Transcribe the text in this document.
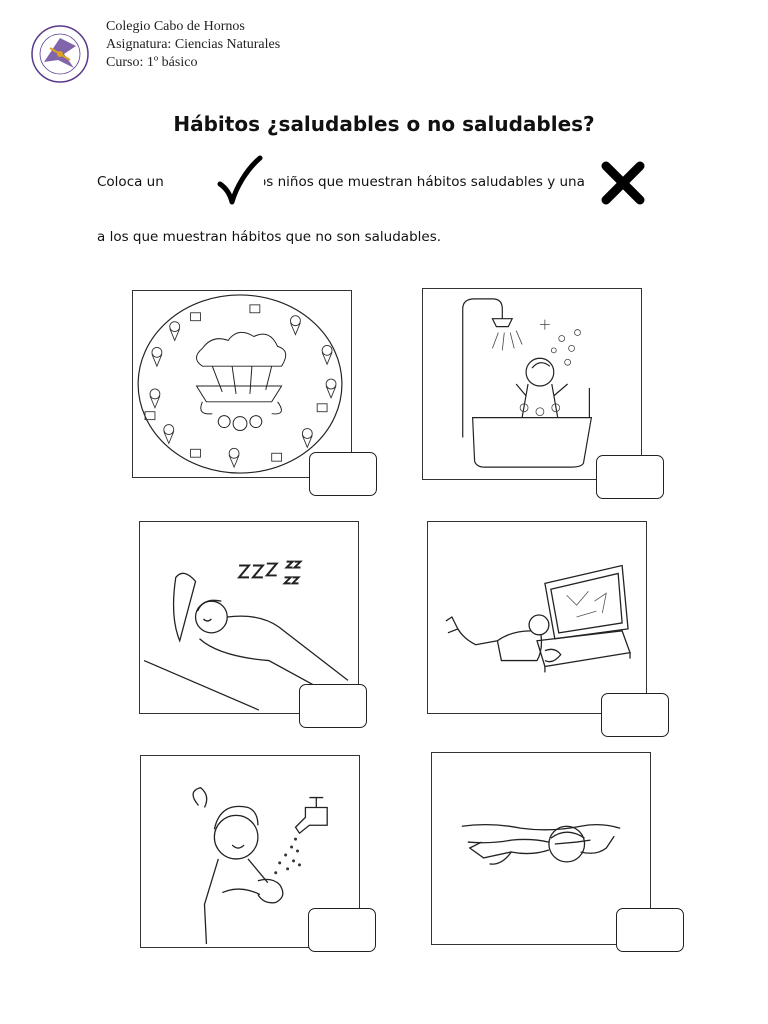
Colegio Cabo de Hornos
Asignatura: Ciencias Naturales
Curso: 1º básico
Hábitos ¿saludables o no saludables?
Coloca un	os niños que muestran hábitos saludables y una
a los que muestran hábitos que no son saludables.
